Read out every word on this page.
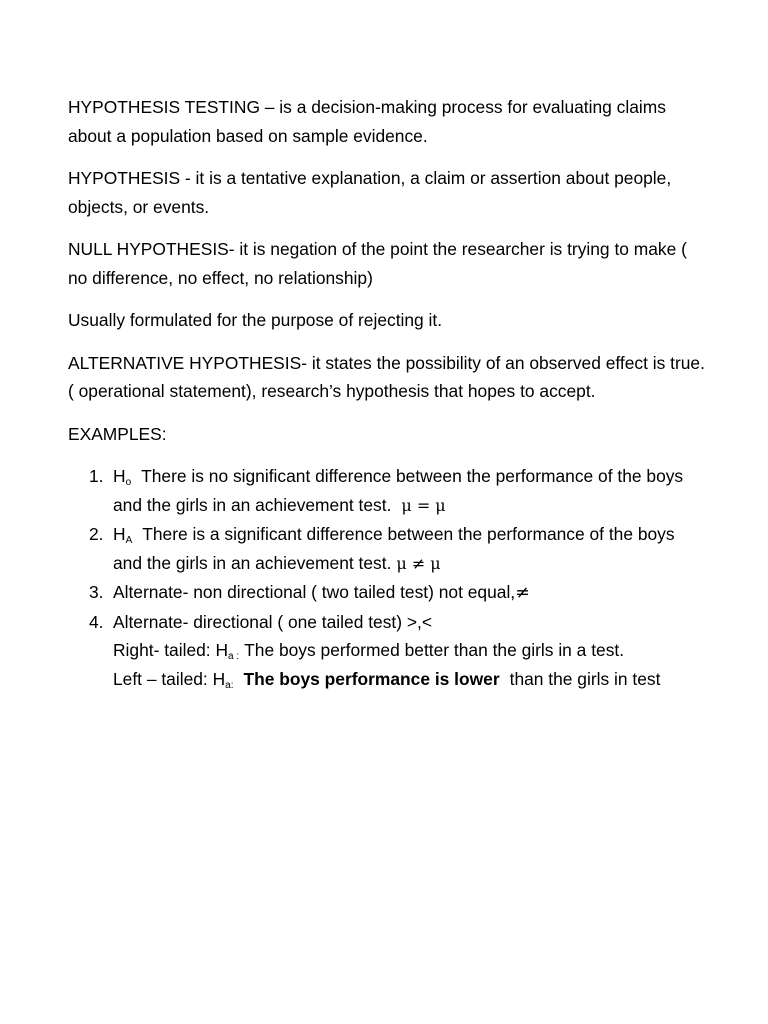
HYPOTHESIS TESTING – is a decision-making process for evaluating claims about a population based on sample evidence.

HYPOTHESIS - it is a tentative explanation, a claim or assertion about people, objects, or events.

NULL HYPOTHESIS- it is negation of the point the researcher is trying to make ( no difference, no effect, no relationship)

Usually formulated for the purpose of rejecting it.

ALTERNATIVE HYPOTHESIS- it states the possibility of an observed effect is true. ( operational statement), research’s hypothesis that hopes to accept.

EXAMPLES:

1. $H_o$ There is no significant difference between the performance of the boys and the girls in an achievement test. μ = μ
2. $H_A$ There is a significant difference between the performance of the boys and the girls in an achievement test. μ ≠ μ
3. Alternate- non directional ( two tailed test) not equal,≠
4. Alternate- directional ( one tailed test) >,<
Right- tailed: $H_{a :}$ The boys performed better than the girls in a test.
Left – tailed: $H_{a:}$ The boys performance is lower than the girls in test
